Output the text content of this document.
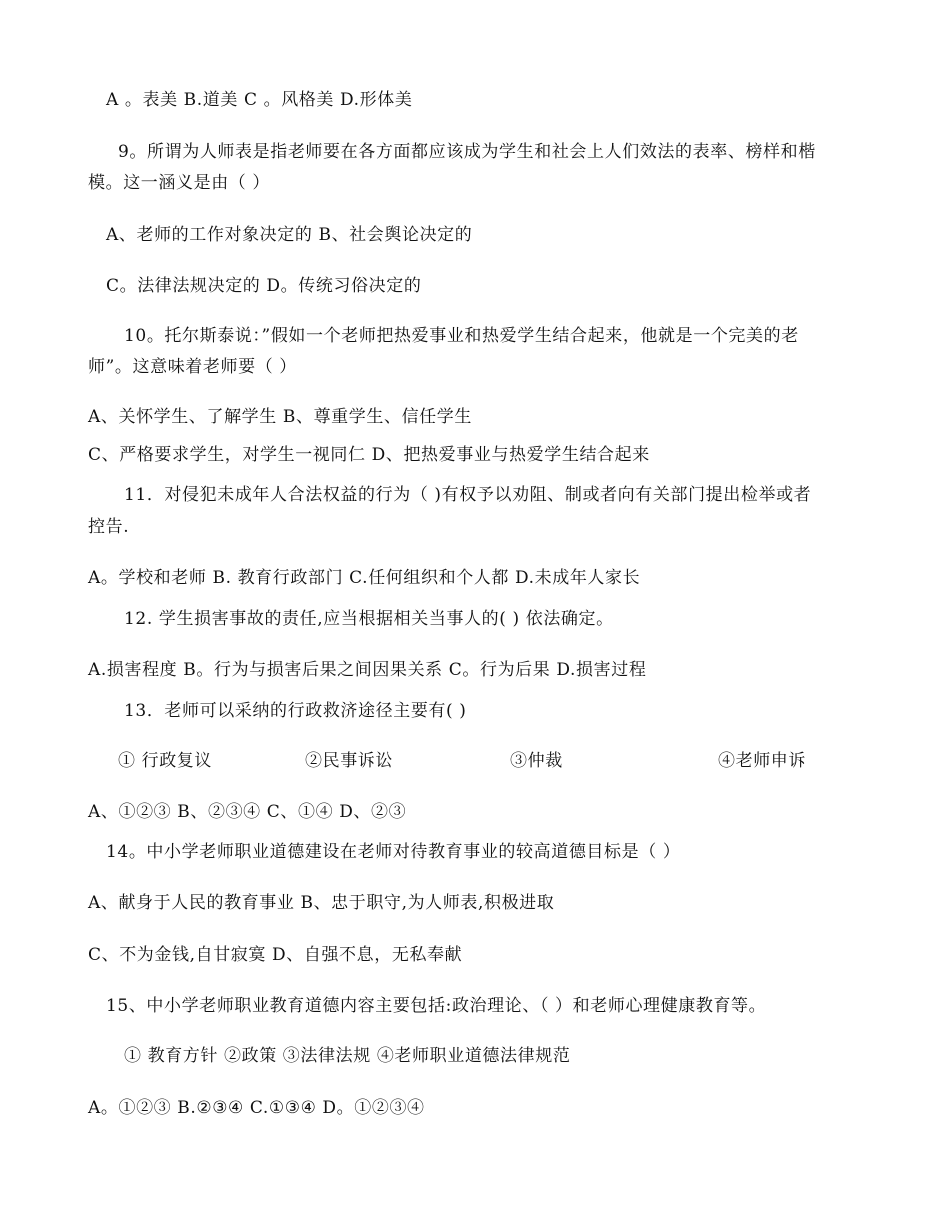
A 。表美 B.道美 C 。风格美 D.形体美
9。所谓为人师表是指老师要在各方面都应该成为学生和社会上人们效法的表率、榜样和楷
模。这一涵义是由（ ）
A、老师的工作对象决定的 B、社会舆论决定的
C。法律法规决定的 D。传统习俗决定的
10。托尔斯泰说：”假如一个老师把热爱事业和热爱学生结合起来，他就是一个完美的老
师”。这意味着老师要（ ）
A、关怀学生、了解学生 B、尊重学生、信任学生
C、严格要求学生，对学生一视同仁 D、把热爱事业与热爱学生结合起来
11．对侵犯未成年人合法权益的行为（ )有权予以劝阻、制或者向有关部门提出检举或者
控告.
A。学校和老师 B. 教育行政部门 C.任何组织和个人都 D.未成年人家长
12. 学生损害事故的责任,应当根据相关当事人的( ) 依法确定。
A.损害程度 B。行为与损害后果之间因果关系 C。行为后果 D.损害过程
13．老师可以采纳的行政救济途径主要有( )
① 行政复议	②民事诉讼	③仲裁	④老师申诉
A、①②③ B、②③④ C、①④ D、②③
14。中小学老师职业道德建设在老师对待教育事业的较高道德目标是（ ）
A、献身于人民的教育事业 B、忠于职守,为人师表,积极进取
C、不为金钱,自甘寂寞 D、自强不息，无私奉献
15、中小学老师职业教育道德内容主要包括:政治理论、（ ）和老师心理健康教育等。
① 教育方针 ②政策 ③法律法规 ④老师职业道德法律规范
A。①②③ B.②③④ C.①③④ D。①②③④
